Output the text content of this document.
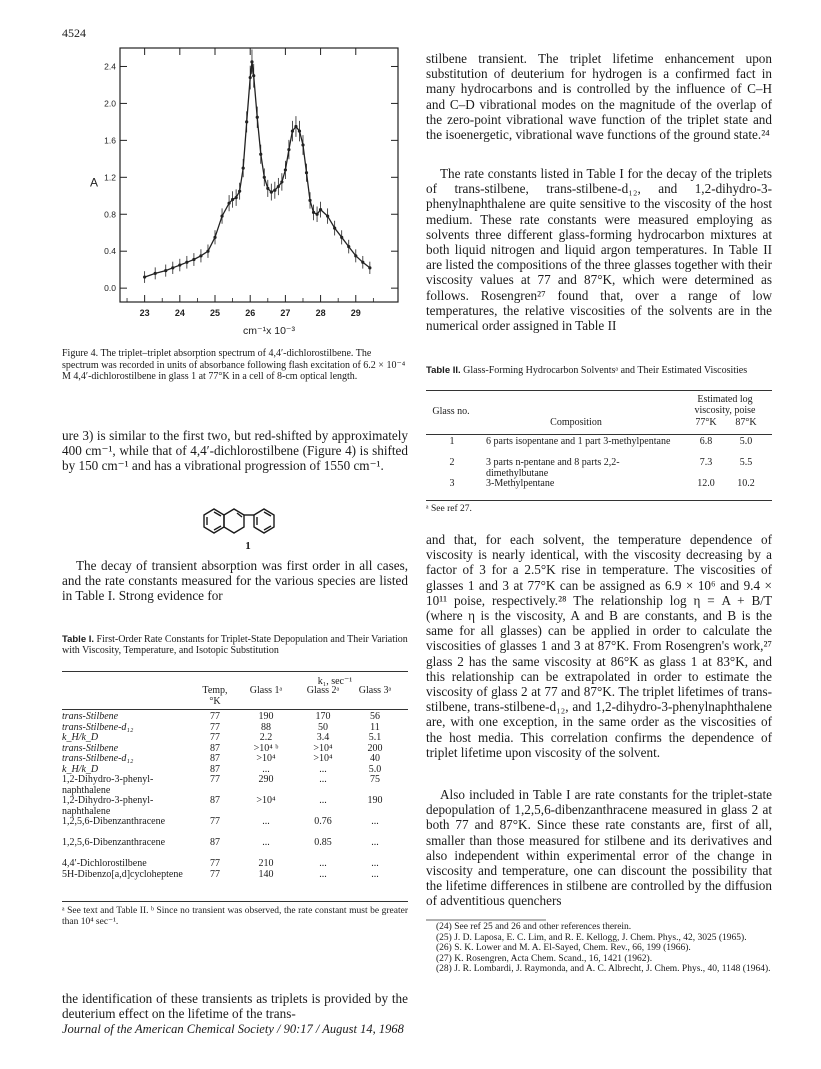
4524
0.0
0.4
0.8
1.2
1.6
2.0
2.4
23	24	25	26	27	28	29
A
cm⁻¹x 10⁻³
Figure 4. The triplet–triplet absorption spectrum of 4,4′-dichlorostilbene. The spectrum was recorded in units of absorbance following flash excitation of 6.2 × 10⁻⁴ M 4,4′-dichlorostilbene in glass 1 at 77°K in a cell of 8-cm optical length.

ure 3) is similar to the first two, but red-shifted by approximately 400 cm⁻¹, while that of 4,4′-dichlorostilbene (Figure 4) is shifted by 150 cm⁻¹ and has a vibrational progression of 1550 cm⁻¹.

1

The decay of transient absorption was first order in all cases, and the rate constants measured for the various species are listed in Table I. Strong evidence for

Table I. First-Order Rate Constants for Triplet-State Depopulation and Their Variation with Viscosity, Temperature, and Isotopic Substitution
k₁, sec⁻¹
Temp, °K
Glass 1ᵃ	Glass 2ᵃ	Glass 3ᵃ
trans-Stilbene	77	190	170	56
trans-Stilbene-d₁₂	77	88	50	11
k_H/k_D	77	2.2	3.4	5.1
trans-Stilbene	87	>10⁴ ᵇ	>10⁴	200
trans-Stilbene-d₁₂	87	>10⁴	>10⁴	40
k_H/k_D	87	...	...	5.0
1,2-Dihydro-3-phenyl-naphthalene
77	290	...	75
1,2-Dihydro-3-phenyl-naphthalene
87	>10⁴	...	190
1,2,5,6-Dibenzanthracene	77	...	0.76	...
1,2,5,6-Dibenzanthracene	87	...	0.85	...
4,4′-Dichlorostilbene	77	210	...	...
5H-Dibenzo[a,d]cycloheptene	77	140	...	...
ᵃ See text and Table II. ᵇ Since no transient was observed, the rate constant must be greater than 10⁴ sec⁻¹.

the identification of these transients as triplets is provided by the deuterium effect on the lifetime of the trans-

stilbene transient. The triplet lifetime enhancement upon substitution of deuterium for hydrogen is a confirmed fact in many hydrocarbons and is controlled by the influence of C–H and C–D vibrational modes on the magnitude of the overlap of the zero-point vibrational wave function of the triplet state and the isoenergetic, vibrational wave functions of the ground state.²⁴

The rate constants listed in Table I for the decay of the triplets of trans-stilbene, trans-stilbene-d₁₂, and 1,2-dihydro-3-phenylnaphthalene are quite sensitive to the viscosity of the host medium. These rate constants were measured employing as solvents three different glass-forming hydrocarbon mixtures at both liquid nitrogen and liquid argon temperatures. In Table II are listed the compositions of the three glasses together with their viscosity values at 77 and 87°K, which were determined as follows. Rosengren²⁷ found that, over a range of low temperatures, the relative viscosities of the solvents are in the numerical order assigned in Table II

Table II. Glass-Forming Hydrocarbon Solventsᵃ and Their Estimated Viscosities
Glass no.
Composition
Estimated log viscosity, poise
77°K	87°K
1	6 parts isopentane and 1 part 3-methylpentane	6.8	5.0
2	3 parts n-pentane and 8 parts 2,2-dimethylbutane
7.3	5.5
3	3-Methylpentane	12.0	10.2
ᵃ See ref 27.

and that, for each solvent, the temperature dependence of viscosity is nearly identical, with the viscosity decreasing by a factor of 3 for a 2.5°K rise in temperature. The viscosities of glasses 1 and 3 at 77°K can be assigned as 6.9 × 10⁶ and 9.4 × 10¹¹ poise, respectively.²⁸ The relationship log η = A + B/T (where η is the viscosity, A and B are constants, and B is the same for all glasses) can be applied in order to calculate the viscosities of glasses 1 and 3 at 87°K. From Rosengren's work,²⁷ glass 2 has the same viscosity at 86°K as glass 1 at 83°K, and this relationship can be extrapolated in order to estimate the viscosity of glass 2 at 77 and 87°K. The triplet lifetimes of trans-stilbene, trans-stilbene-d₁₂, and 1,2-dihydro-3-phenylnaphthalene are, with one exception, in the same order as the viscosities of the host media. This correlation confirms the dependence of triplet lifetime upon viscosity of the solvent.

Also included in Table I are rate constants for the triplet-state depopulation of 1,2,5,6-dibenzanthracene measured in glass 2 at both 77 and 87°K. Since these rate constants are, first of all, smaller than those measured for stilbene and its derivatives and also independent within experimental error of the change in viscosity and temperature, one can discount the possibility that the lifetime differences in stilbene are controlled by the diffusion of adventitious quenchers

(24) See ref 25 and 26 and other references therein.
(25) J. D. Laposa, E. C. Lim, and R. E. Kellogg, J. Chem. Phys., 42, 3025 (1965).
(26) S. K. Lower and M. A. El-Sayed, Chem. Rev., 66, 199 (1966).
(27) K. Rosengren, Acta Chem. Scand., 16, 1421 (1962).
(28) J. R. Lombardi, J. Raymonda, and A. C. Albrecht, J. Chem. Phys., 40, 1148 (1964).
Journal of the American Chemical Society / 90:17 / August 14, 1968
